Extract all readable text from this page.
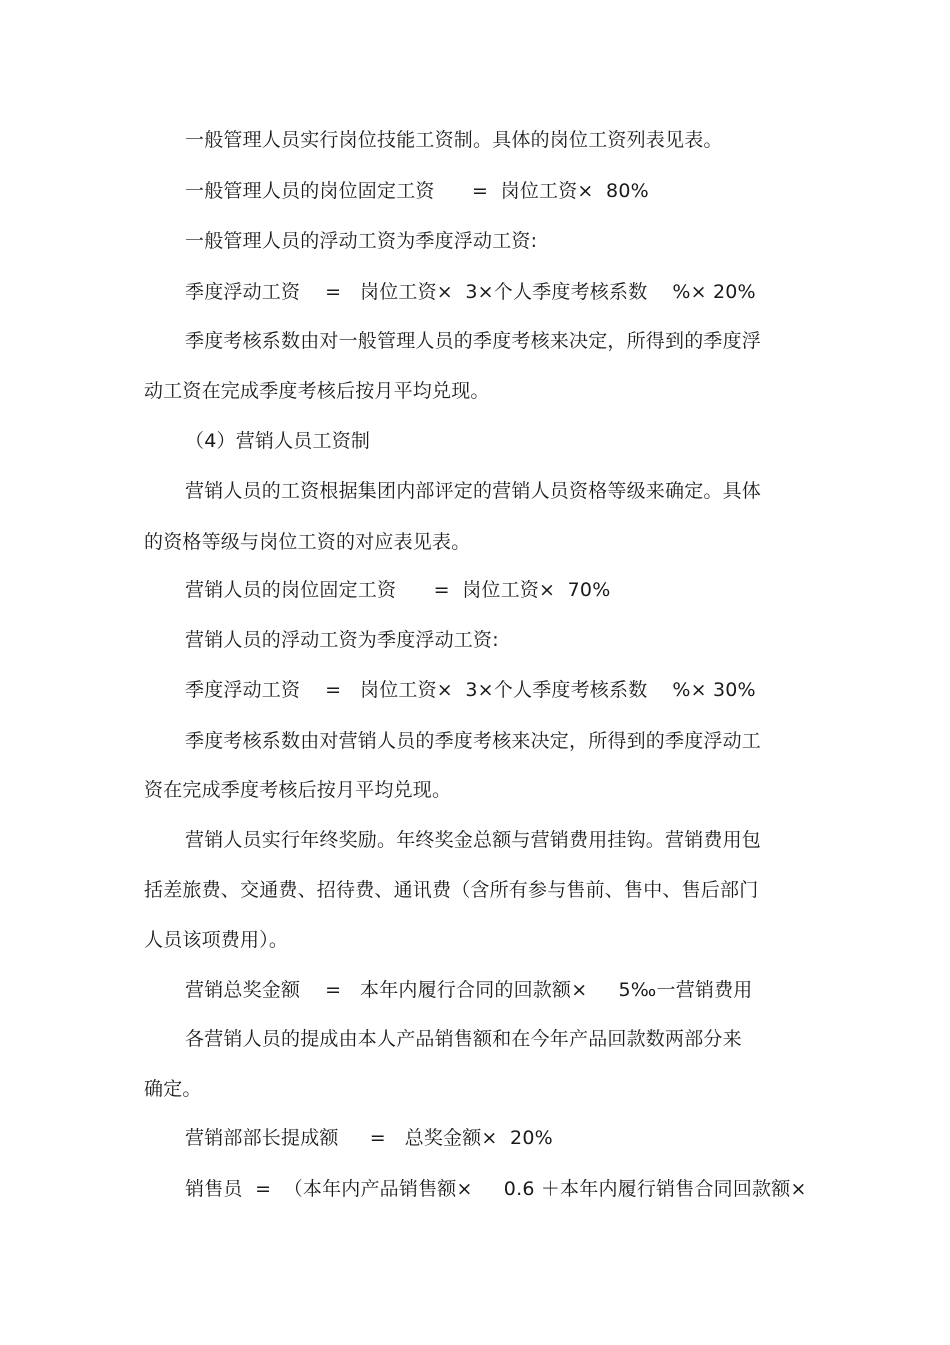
一般管理人员实行岗位技能工资制。具体的岗位工资列表见表。
一般管理人员的岗位固定工资      =  岗位工资×  80%
一般管理人员的浮动工资为季度浮动工资:
季度浮动工资    =   岗位工资×  3×个人季度考核系数    %× 20%
季度考核系数由对一般管理人员的季度考核来决定，所得到的季度浮
动工资在完成季度考核后按月平均兑现。
（4）营销人员工资制
营销人员的工资根据集团内部评定的营销人员资格等级来确定。具体
的资格等级与岗位工资的对应表见表。
营销人员的岗位固定工资      =  岗位工资×  70%
营销人员的浮动工资为季度浮动工资:
季度浮动工资    =   岗位工资×  3×个人季度考核系数    %× 30%
季度考核系数由对营销人员的季度考核来决定，所得到的季度浮动工
资在完成季度考核后按月平均兑现。
营销人员实行年终奖励。年终奖金总额与营销费用挂钩。营销费用包
括差旅费、交通费、招待费、通讯费（含所有参与售前、售中、售后部门
人员该项费用）。
营销总奖金额    =   本年内履行合同的回款额×     5‰一营销费用
各营销人员的提成由本人产品销售额和在今年产品回款数两部分来
确定。
营销部部长提成额     =   总奖金额×  20%
销售员  =  （本年内产品销售额×     0.6 ＋本年内履行销售合同回款额×
